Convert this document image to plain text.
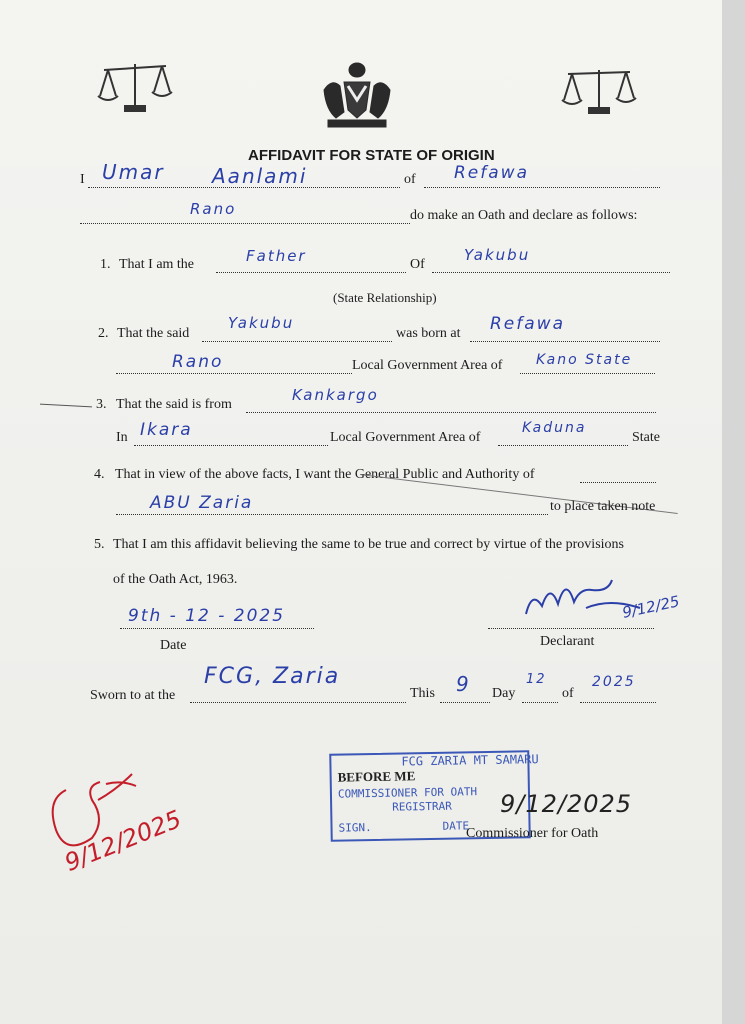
AFFIDAVIT FOR STATE OF ORIGIN
I Umar Aanlami	of Refawa
Rano	do make an Oath and declare as follows:
1. That I am the	Father	Of
Yakubu
(State Relationship)
2. That the said
Yakubu
was born at Refawa
Rano	Local Government Area of Kano State
3. That the said is from
Kankargo
In Ikara	Local Government Area of
Kaduna
State
4. That in view of the above facts, I want the General Public and Authority of
ABU Zaria	to place taken note
5. That I am this affidavit believing the same to be true and correct by virtue of the provisions
of the Oath Act, 1963.
9th - 12 - 2025
Date
9/12/25
Declarant
Sworn to at the
FCG, Zaria
This 9 Day
12
of
2025
BEFORE ME
FCG ZARIA MT SAMARU
COMMISSIONER FOR OATH
REGISTRAR
SIGN.	DATE
9/12/2025
Commissioner for Oath
9/12/2025
